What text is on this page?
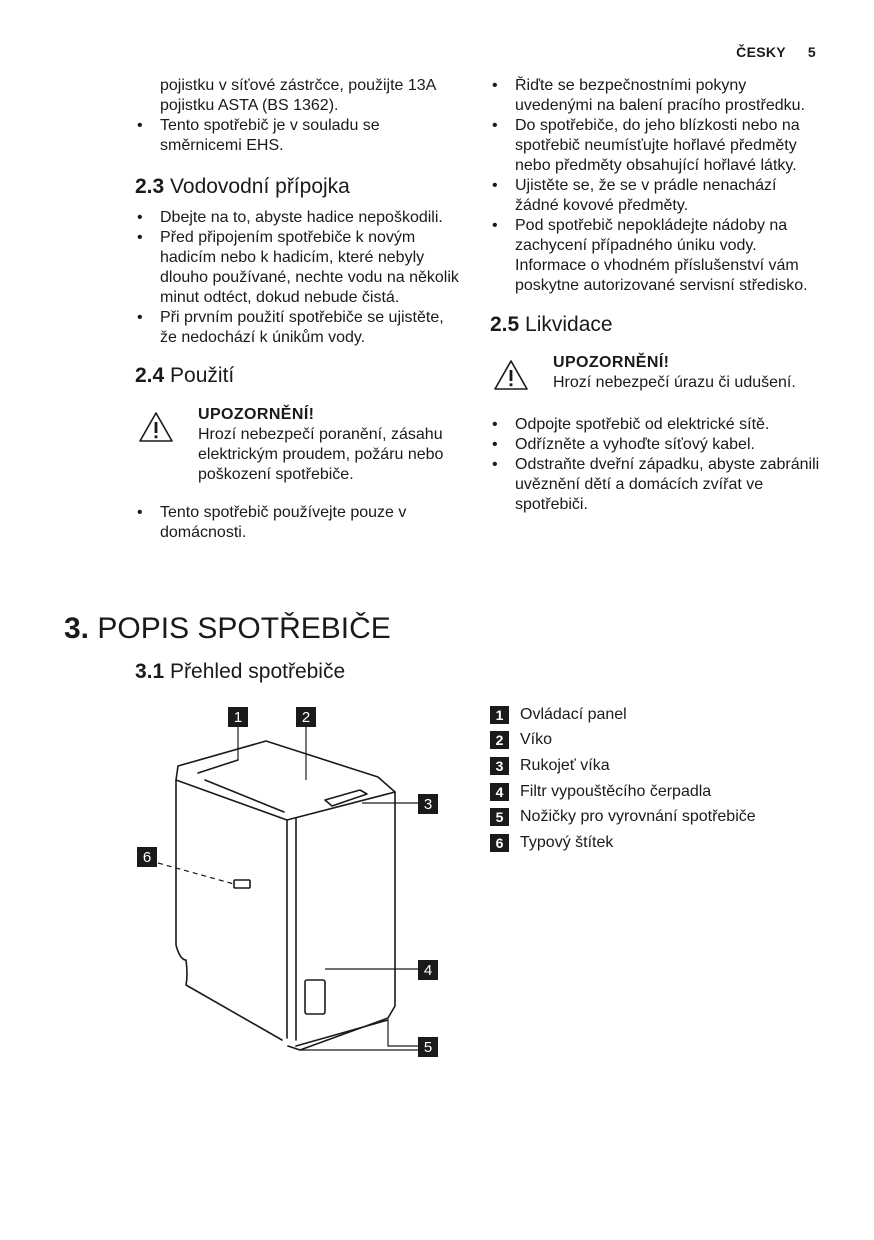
ČESKY 5
pojistku v síťové zástrčce, použijte 13A pojistku ASTA (BS 1362).
• Tento spotřebič je v souladu se směrnicemi EHS.
2.3 Vodovodní přípojka
• Dbejte na to, abyste hadice nepoškodili.
• Před připojením spotřebiče k novým hadicím nebo k hadicím, které nebyly dlouho používané, nechte vodu na několik minut odtéct, dokud nebude čistá.
• Při prvním použití spotřebiče se ujistěte, že nedochází k únikům vody.
2.4 Použití
UPOZORNĚNÍ!
Hrozí nebezpečí poranění, zásahu elektrickým proudem, požáru nebo poškození spotřebiče.
• Tento spotřebič používejte pouze v domácnosti.
• Řiďte se bezpečnostními pokyny uvedenými na balení pracího prostředku.
• Do spotřebiče, do jeho blízkosti nebo na spotřebič neumísťujte hořlavé předměty nebo předměty obsahující hořlavé látky.
• Ujistěte se, že se v prádle nenachází žádné kovové předměty.
• Pod spotřebič nepokládejte nádoby na zachycení případného úniku vody. Informace o vhodném příslušenství vám poskytne autorizované servisní středisko.
2.5 Likvidace
UPOZORNĚNÍ!
Hrozí nebezpečí úrazu či udušení.
• Odpojte spotřebič od elektrické sítě.
• Odřízněte a vyhoďte síťový kabel.
• Odstraňte dveřní západku, abyste zabránili uvěznění dětí a domácích zvířat ve spotřebiči.
3. POPIS SPOTŘEBIČE
3.1 Přehled spotřebiče
1	2
3
4
5
6
1	Ovládací panel
2	Víko
3	Rukojeť víka
4	Filtr vypouštěcího čerpadla
5	Nožičky pro vyrovnání spotřebiče
6	Typový štítek
